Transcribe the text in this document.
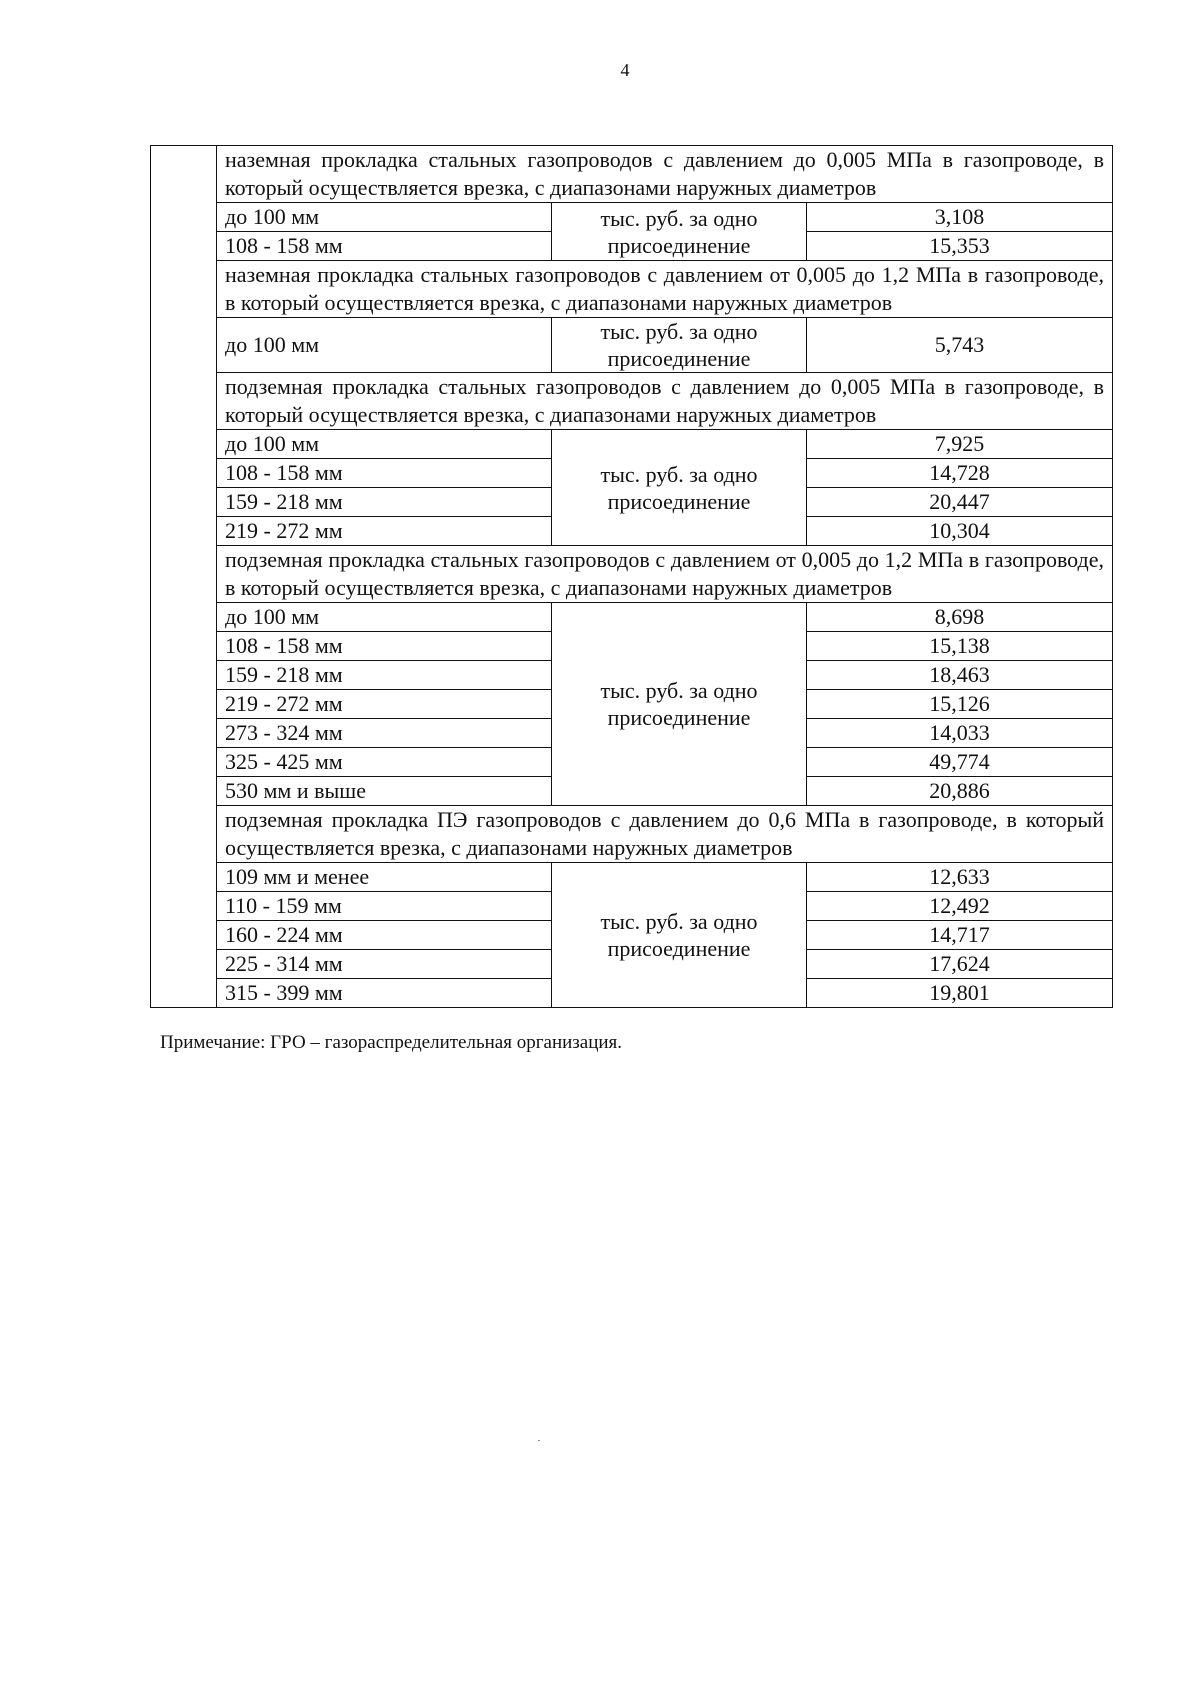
4
	наземная прокладка стальных газопроводов с давлением до 0,005 МПа в газопроводе, в который осуществляется врезка, с диапазонами наружных диаметров		
	до 100 мм	тыс. руб. за одно присоединение	3,108
	108 - 158 мм		15,353
	наземная прокладка стальных газопроводов с давлением от 0,005 до 1,2 МПа в газопроводе, в который осуществляется врезка, с диапазонами наружных диаметров		
	до 100 мм	тыс. руб. за одно присоединение	5,743
	подземная прокладка стальных газопроводов с давлением до 0,005 МПа в газопроводе, в который осуществляется врезка, с диапазонами наружных диаметров		
	до 100 мм	тыс. руб. за одно присоединение	7,925
	108 - 158 мм		14,728
	159 - 218 мм		20,447
	219 - 272 мм		10,304
	подземная прокладка стальных газопроводов с давлением от 0,005 до 1,2 МПа в газопроводе, в который осуществляется врезка, с диапазонами наружных диаметров		
	до 100 мм	тыс. руб. за одно присоединение	8,698
	108 - 158 мм		15,138
	159 - 218 мм		18,463
	219 - 272 мм		15,126
	273 - 324 мм		14,033
	325 - 425 мм		49,774
	530 мм и выше		20,886
	подземная прокладка ПЭ газопроводов с давлением до 0,6 МПа в газопроводе, в который осуществляется врезка, с диапазонами наружных диаметров		
	109 мм и менее	тыс. руб. за одно присоединение	12,633
	110 - 159 мм		12,492
	160 - 224 мм		14,717
	225 - 314 мм		17,624
	315 - 399 мм		19,801
Примечание: ГРО – газораспределительная организация.
